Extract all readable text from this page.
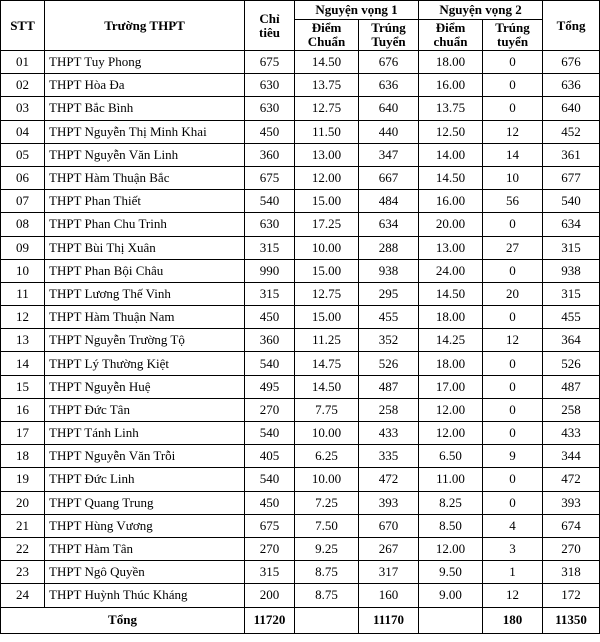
STT	Trường THPT	Chỉ tiêu	Nguyện vọng 1		Nguyện vọng 2		Tổng
			Điểm Chuẩn	Trúng Tuyển	Điểm chuẩn	Trúng tuyển	
01	THPT Tuy Phong	675	14.50	676	18.00	0	676
02	THPT Hòa Đa	630	13.75	636	16.00	0	636
03	THPT Bắc Bình	630	12.75	640	13.75	0	640
04	THPT Nguyễn Thị Minh Khai	450	11.50	440	12.50	12	452
05	THPT Nguyễn Văn Linh	360	13.00	347	14.00	14	361
06	THPT Hàm Thuận Bắc	675	12.00	667	14.50	10	677
07	THPT Phan Thiết	540	15.00	484	16.00	56	540
08	THPT Phan Chu Trinh	630	17.25	634	20.00	0	634
09	THPT Bùi Thị Xuân	315	10.00	288	13.00	27	315
10	THPT Phan Bội Châu	990	15.00	938	24.00	0	938
11	THPT Lương Thế Vinh	315	12.75	295	14.50	20	315
12	THPT Hàm Thuận Nam	450	15.00	455	18.00	0	455
13	THPT Nguyễn Trường Tộ	360	11.25	352	14.25	12	364
14	THPT Lý Thường Kiệt	540	14.75	526	18.00	0	526
15	THPT Nguyễn Huệ	495	14.50	487	17.00	0	487
16	THPT Đức Tân	270	7.75	258	12.00	0	258
17	THPT Tánh Linh	540	10.00	433	12.00	0	433
18	THPT Nguyễn Văn Trỗi	405	6.25	335	6.50	9	344
19	THPT Đức Linh	540	10.00	472	11.00	0	472
20	THPT Quang Trung	450	7.25	393	8.25	0	393
21	THPT Hùng Vương	675	7.50	670	8.50	4	674
22	THPT Hàm Tân	270	9.25	267	12.00	3	270
23	THPT Ngô Quyền	315	8.75	317	9.50	1	318
24	THPT Huỳnh Thúc Kháng	200	8.75	160	9.00	12	172
Tổng		11720		11170		180	11350
